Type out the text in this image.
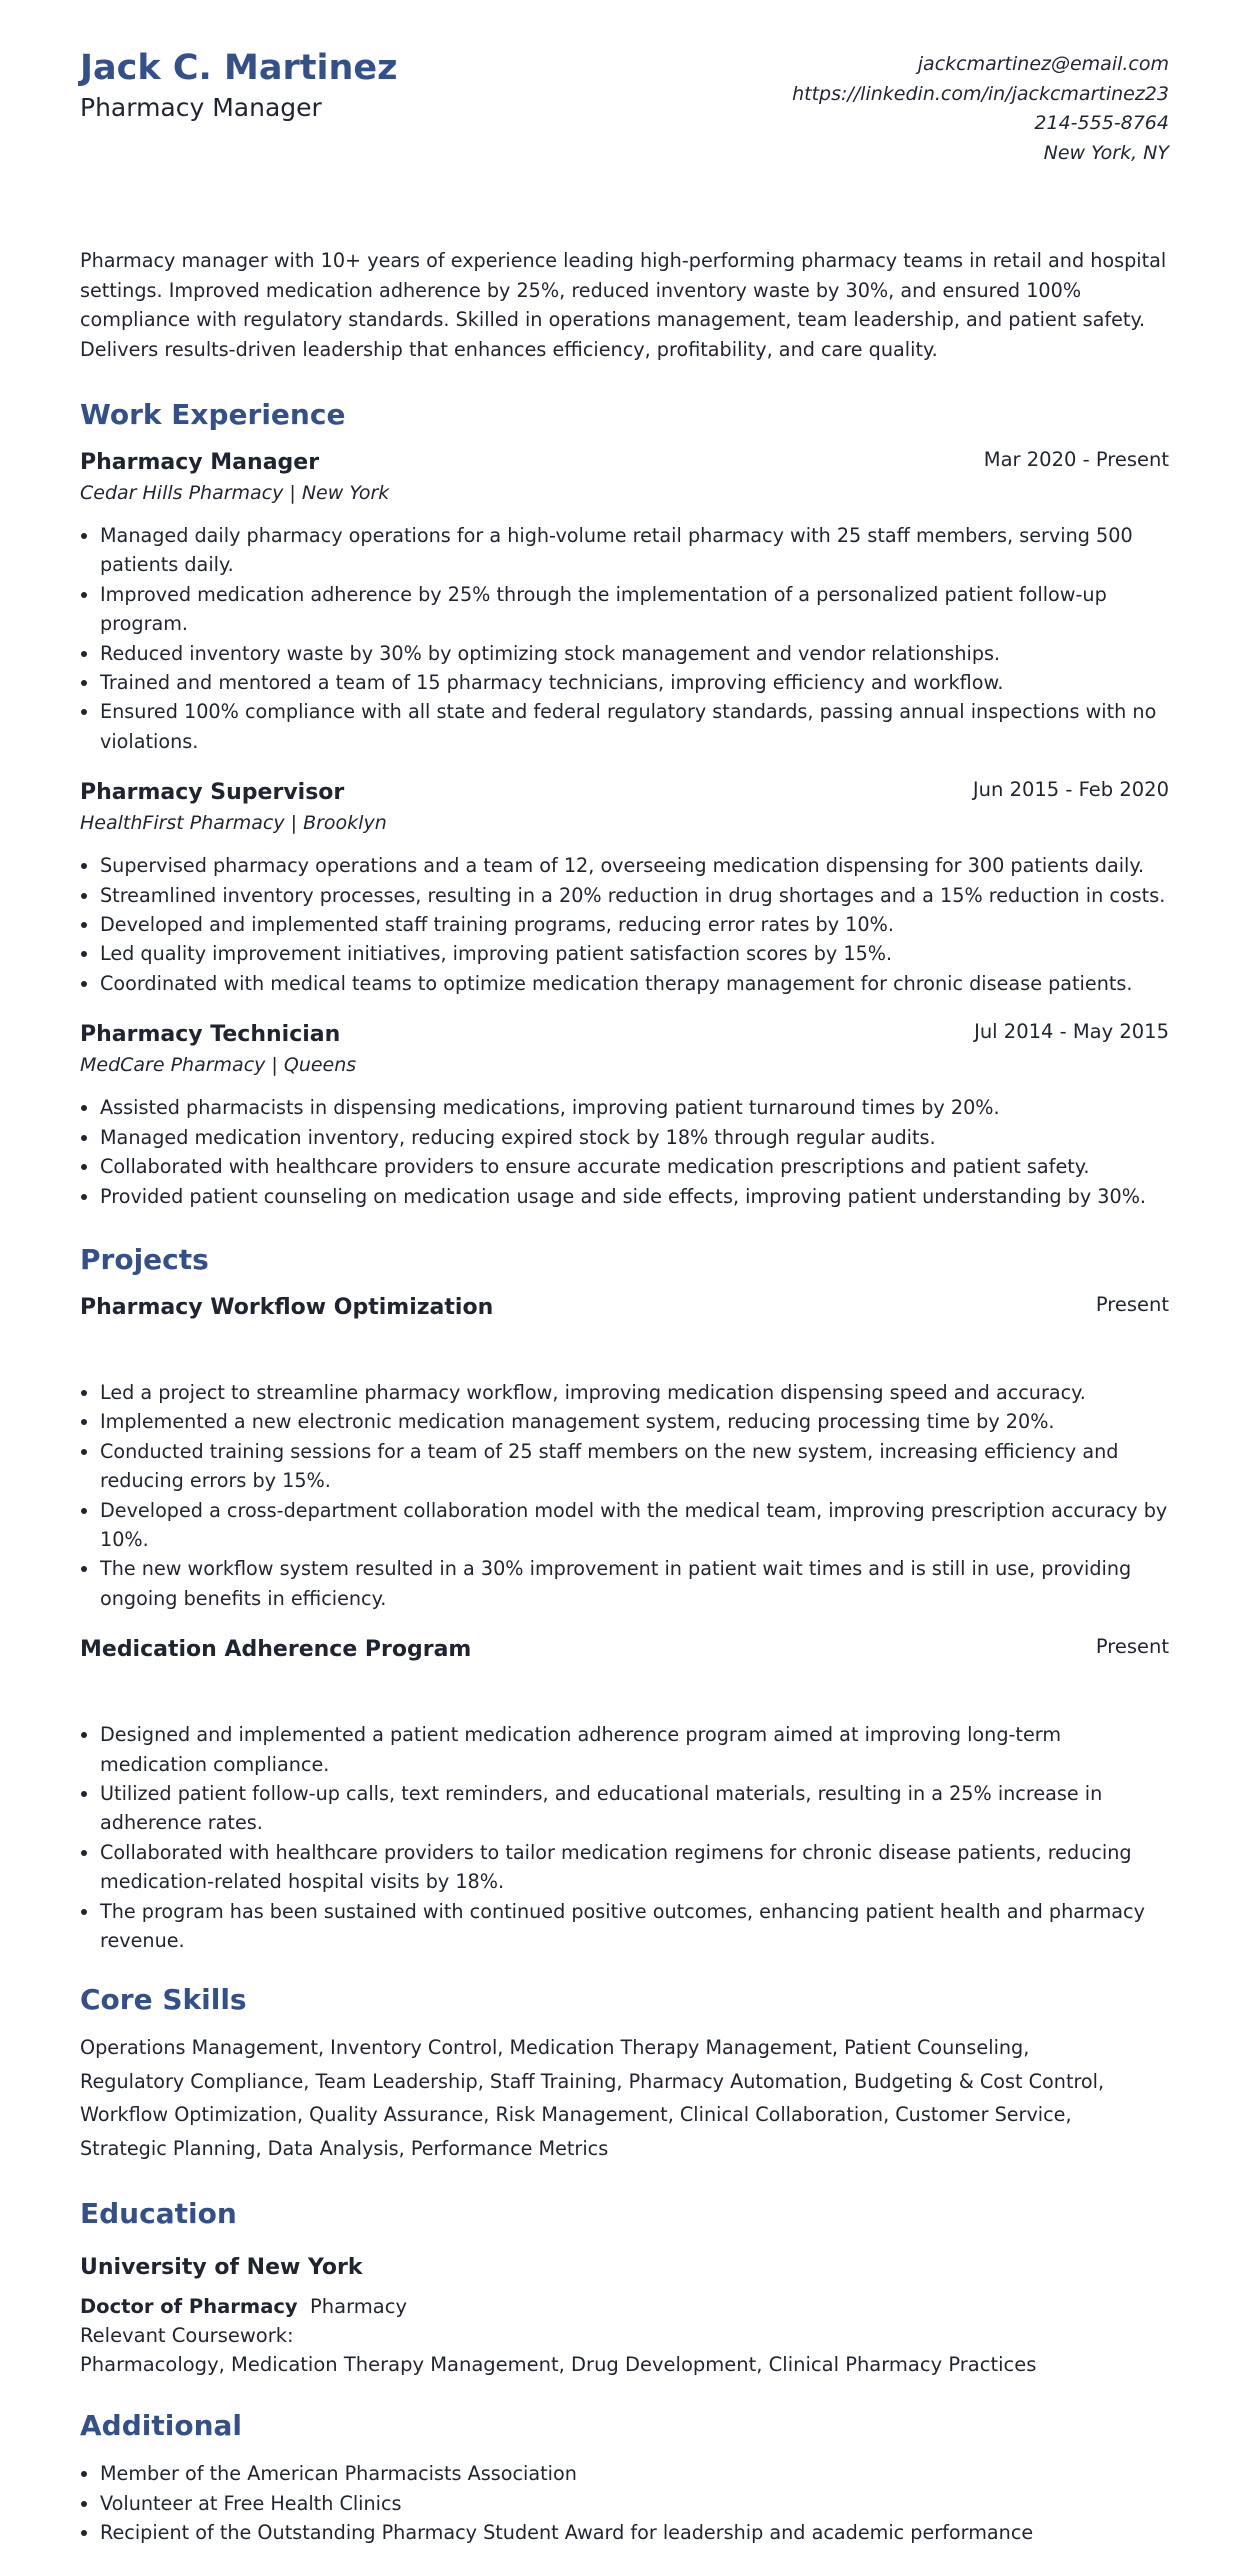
Jack C. Martinez
Pharmacy Manager
jackcmartinez@email.com
https://linkedin.com/in/jackcmartinez23
214-555-8764
New York, NY
Pharmacy manager with 10+ years of experience leading high-performing pharmacy teams in retail and hospital settings. Improved medication adherence by 25%, reduced inventory waste by 30%, and ensured 100% compliance with regulatory standards. Skilled in operations management, team leadership, and patient safety. Delivers results-driven leadership that enhances efficiency, profitability, and care quality.
Work Experience
Pharmacy Manager	Mar 2020 - Present
Cedar Hills Pharmacy | New York
• Managed daily pharmacy operations for a high-volume retail pharmacy with 25 staff members, serving 500 patients daily.
• Improved medication adherence by 25% through the implementation of a personalized patient follow-up program.
• Reduced inventory waste by 30% by optimizing stock management and vendor relationships.
• Trained and mentored a team of 15 pharmacy technicians, improving efficiency and workflow.
• Ensured 100% compliance with all state and federal regulatory standards, passing annual inspections with no violations.
Pharmacy Supervisor	Jun 2015 - Feb 2020
HealthFirst Pharmacy | Brooklyn
• Supervised pharmacy operations and a team of 12, overseeing medication dispensing for 300 patients daily.
• Streamlined inventory processes, resulting in a 20% reduction in drug shortages and a 15% reduction in costs.
• Developed and implemented staff training programs, reducing error rates by 10%.
• Led quality improvement initiatives, improving patient satisfaction scores by 15%.
• Coordinated with medical teams to optimize medication therapy management for chronic disease patients.
Pharmacy Technician	Jul 2014 - May 2015
MedCare Pharmacy | Queens
• Assisted pharmacists in dispensing medications, improving patient turnaround times by 20%.
• Managed medication inventory, reducing expired stock by 18% through regular audits.
• Collaborated with healthcare providers to ensure accurate medication prescriptions and patient safety.
• Provided patient counseling on medication usage and side effects, improving patient understanding by 30%.
Projects
Pharmacy Workflow Optimization	Present
• Led a project to streamline pharmacy workflow, improving medication dispensing speed and accuracy.
• Implemented a new electronic medication management system, reducing processing time by 20%.
• Conducted training sessions for a team of 25 staff members on the new system, increasing efficiency and reducing errors by 15%.
• Developed a cross-department collaboration model with the medical team, improving prescription accuracy by 10%.
• The new workflow system resulted in a 30% improvement in patient wait times and is still in use, providing ongoing benefits in efficiency.
Medication Adherence Program	Present
• Designed and implemented a patient medication adherence program aimed at improving long-term medication compliance.
• Utilized patient follow-up calls, text reminders, and educational materials, resulting in a 25% increase in adherence rates.
• Collaborated with healthcare providers to tailor medication regimens for chronic disease patients, reducing medication-related hospital visits by 18%.
• The program has been sustained with continued positive outcomes, enhancing patient health and pharmacy revenue.
Core Skills
Operations Management, Inventory Control, Medication Therapy Management, Patient Counseling,
Regulatory Compliance, Team Leadership, Staff Training, Pharmacy Automation, Budgeting & Cost Control,
Workflow Optimization, Quality Assurance, Risk Management, Clinical Collaboration, Customer Service,
Strategic Planning, Data Analysis, Performance Metrics
Education
University of New York
Doctor of Pharmacy Pharmacy
Relevant Coursework:
Pharmacology, Medication Therapy Management, Drug Development, Clinical Pharmacy Practices
Additional
• Member of the American Pharmacists Association
• Volunteer at Free Health Clinics
• Recipient of the Outstanding Pharmacy Student Award for leadership and academic performance
